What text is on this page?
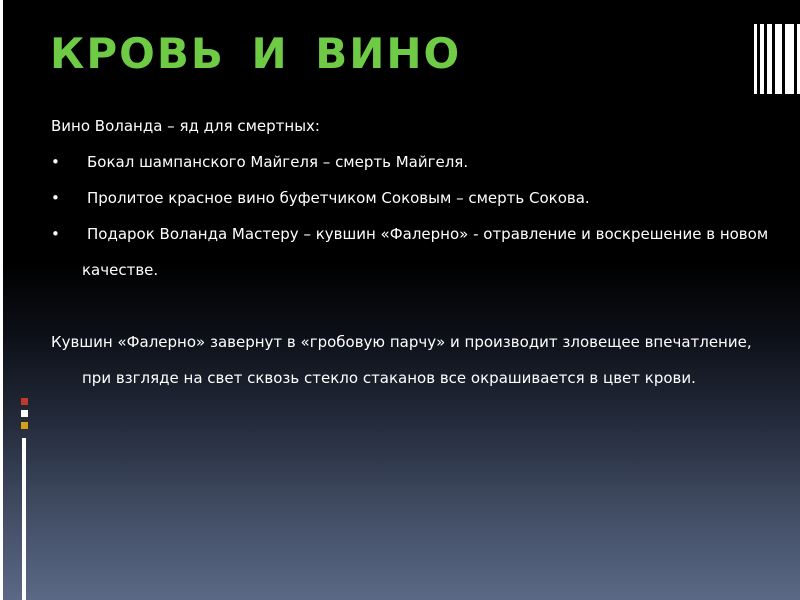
КРОВЬ И ВИНО

Вино Воланда – яд для смертных:

• Бокал шампанского Майгеля – смерть Майгеля.
• Пролитое красное вино буфетчиком Соковым – смерть Сокова.
• Подарок Воланда Мастеру – кувшин «Фалерно» - отравление и воскрешение в новом качестве.

Кувшин «Фалерно» завернут в «гробовую парчу» и производит зловещее впечатление, при взгляде на свет сквозь стекло стаканов все окрашивается в цвет крови.
